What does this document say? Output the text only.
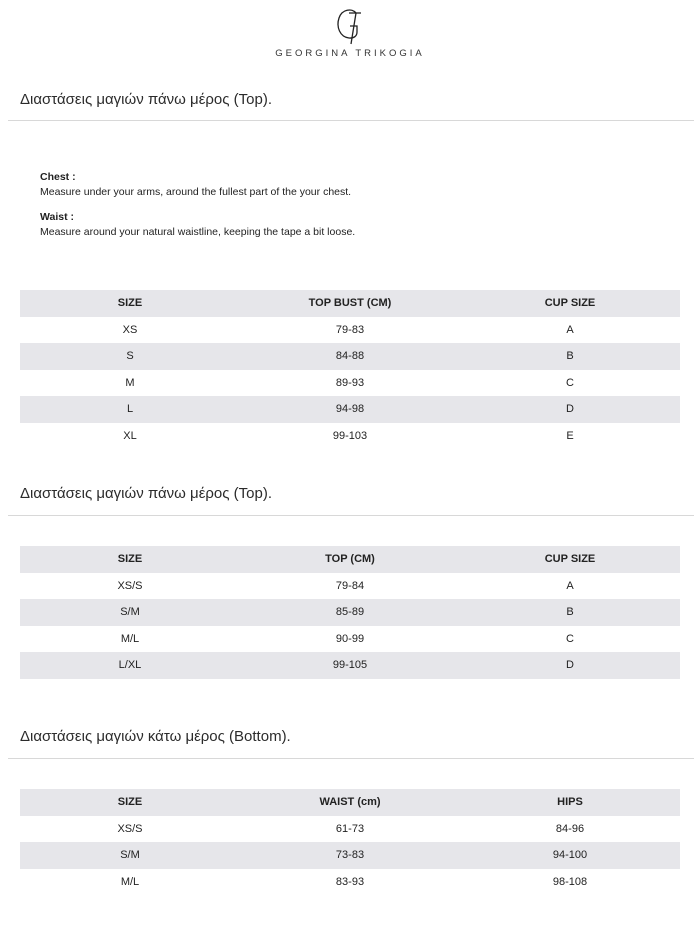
GEORGINA TRIKOGIA
Διαστάσεις μαγιών πάνω μέρος (Top).
Chest :
Measure under your arms, around the fullest part of the your chest.
Waist :
Measure around your natural waistline, keeping the tape a bit loose.
SIZE	TOP BUST (CM)	CUP SIZE
XS	79-83	A
S	84-88	B
M	89-93	C
L	94-98	D
XL	99-103	E
Διαστάσεις μαγιών πάνω μέρος (Top).
SIZE	TOP (CM)	CUP SIZE
XS/S	79-84	A
S/M	85-89	B
M/L	90-99	C
L/XL	99-105	D
Διαστάσεις μαγιών κάτω μέρος (Bottom).
SIZE	WAIST (cm)	HIPS
XS/S	61-73	84-96
S/M	73-83	94-100
M/L	83-93	98-108
